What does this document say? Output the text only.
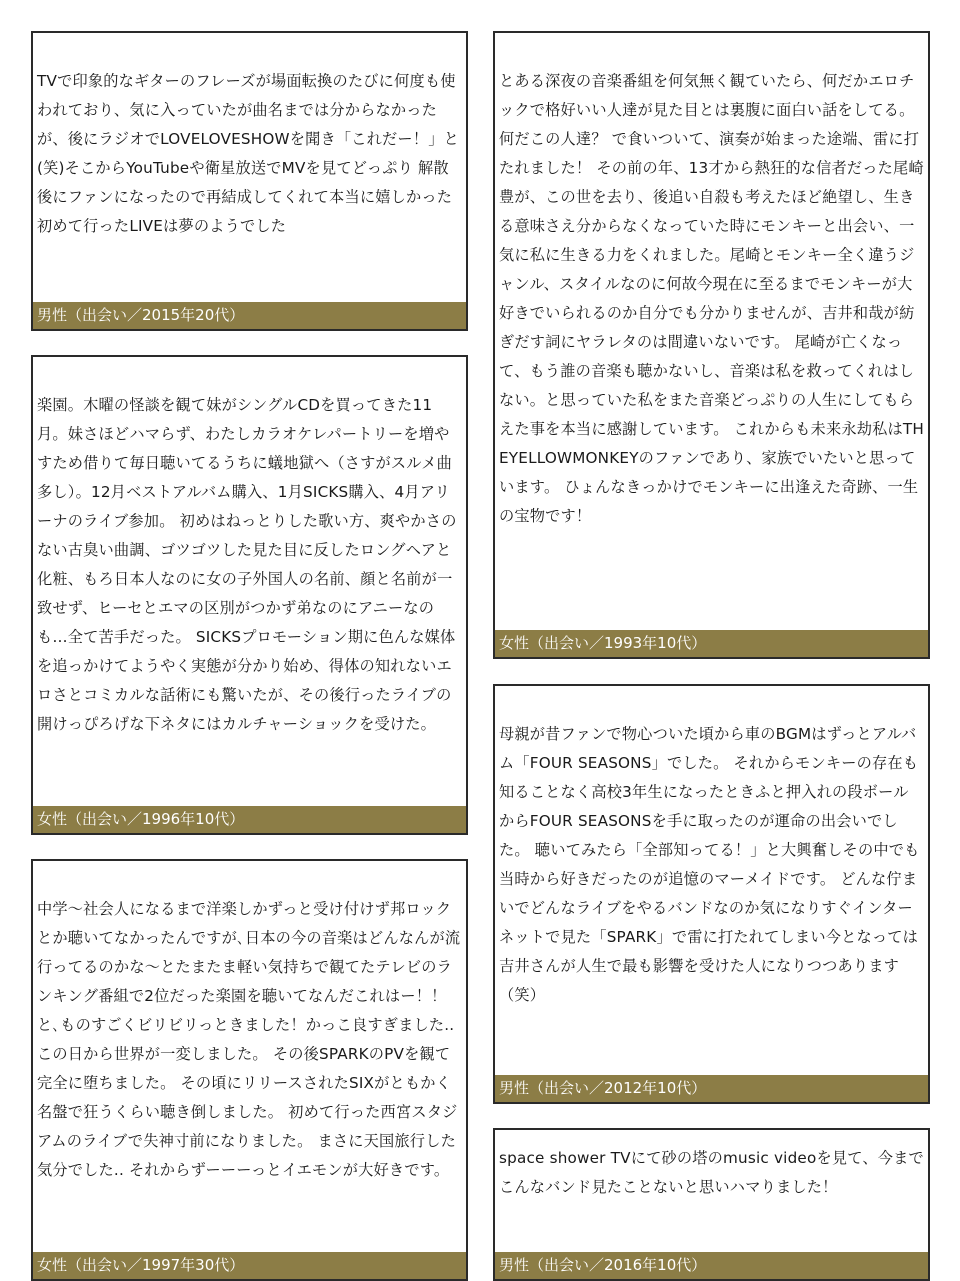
TVで印象的なギターのフレーズが場面転換のたびに何度も使われており、気に入っていたが曲名までは分からなかったが、後にラジオでLOVELOVESHOWを聞き「これだー！」と(笑)そこからYouTubeや衛星放送でMVを見てどっぷり 解散後にファンになったので再結成してくれて本当に嬉しかった 初めて行ったLIVEは夢のようでした
男性（出会い／2015年20代）
楽園。木曜の怪談を観て妹がシングルCDを買ってきた11月。妹さほどハマらず、わたしカラオケレパートリーを増やすため借りて毎日聴いてるうちに蟻地獄へ（さすがスルメ曲多し）。12月ベストアルバム購入、1月SICKS購入、4月アリーナのライブ参加。 初めはねっとりした歌い方、爽やかさのない古臭い曲調、ゴツゴツした見た目に反したロングヘアと化粧、もろ日本人なのに女の子外国人の名前、顔と名前が一致せず、ヒーセとエマの区別がつかず弟なのにアニーなのも…全て苦手だった。 SICKSプロモーション期に色んな媒体を追っかけてようやく実態が分かり始め、得体の知れないエロさとコミカルな話術にも驚いたが、その後行ったライブの開けっぴろげな下ネタにはカルチャーショックを受けた。
女性（出会い／1996年10代）
中学～社会人になるまで洋楽しかずっと受け付けず邦ロックとか聴いてなかったんですが､日本の今の音楽はどんなんが流行ってるのかな～とたまたま軽い気持ちで観てたテレビのランキング番組で2位だった楽園を聴いてなんだこれはー！！と､ものすごくビリビリっときました！かっこ良すぎました..この日から世界が一変しました。 その後SPARKのPVを観て完全に堕ちました。 その頃にリリースされたSIXがともかく名盤で狂うくらい聴き倒しました。 初めて行った西宮スタジアムのライブで失神寸前になりました。 まさに天国旅行した気分でした.. それからずーーーっとイエモンが大好きです。
女性（出会い／1997年30代）
とある深夜の音楽番組を何気無く観ていたら、何だかエロチックで格好いい人達が見た目とは裏腹に面白い話をしてる。何だこの人達？ で食いついて、演奏が始まった途端、雷に打たれました！ その前の年、13才から熱狂的な信者だった尾崎豊が、この世を去り、後追い自殺も考えたほど絶望し、生きる意味さえ分からなくなっていた時にモンキーと出会い、一気に私に生きる力をくれました。尾崎とモンキー全く違うジャンル、スタイルなのに何故今現在に至るまでモンキーが大好きでいられるのか自分でも分かりませんが、吉井和哉が紡ぎだす詞にヤラレタのは間違いないです。 尾崎が亡くなって、もう誰の音楽も聴かないし、音楽は私を救ってくれはしない。と思っていた私をまた音楽どっぷりの人生にしてもらえた事を本当に感謝しています。 これからも未来永劫私はTHEYELLOWMONKEYのファンであり、家族でいたいと思っています。 ひょんなきっかけでモンキーに出逢えた奇跡、一生の宝物です！
女性（出会い／1993年10代）
母親が昔ファンで物心ついた頃から車のBGMはずっとアルバム「FOUR SEASONS」でした。 それからモンキーの存在も知ることなく高校3年生になったときふと押入れの段ボールからFOUR SEASONSを手に取ったのが運命の出会いでした。 聴いてみたら「全部知ってる！」と大興奮しその中でも当時から好きだったのが追憶のマーメイドです。 どんな佇まいでどんなライブをやるバンドなのか気になりすぐインターネットで見た「SPARK」で雷に打たれてしまい今となっては吉井さんが人生で最も影響を受けた人になりつつあります（笑）
男性（出会い／2012年10代）
space shower TVにて砂の塔のmusic videoを見て、今までこんなバンド見たことないと思いハマりました！
男性（出会い／2016年10代）
